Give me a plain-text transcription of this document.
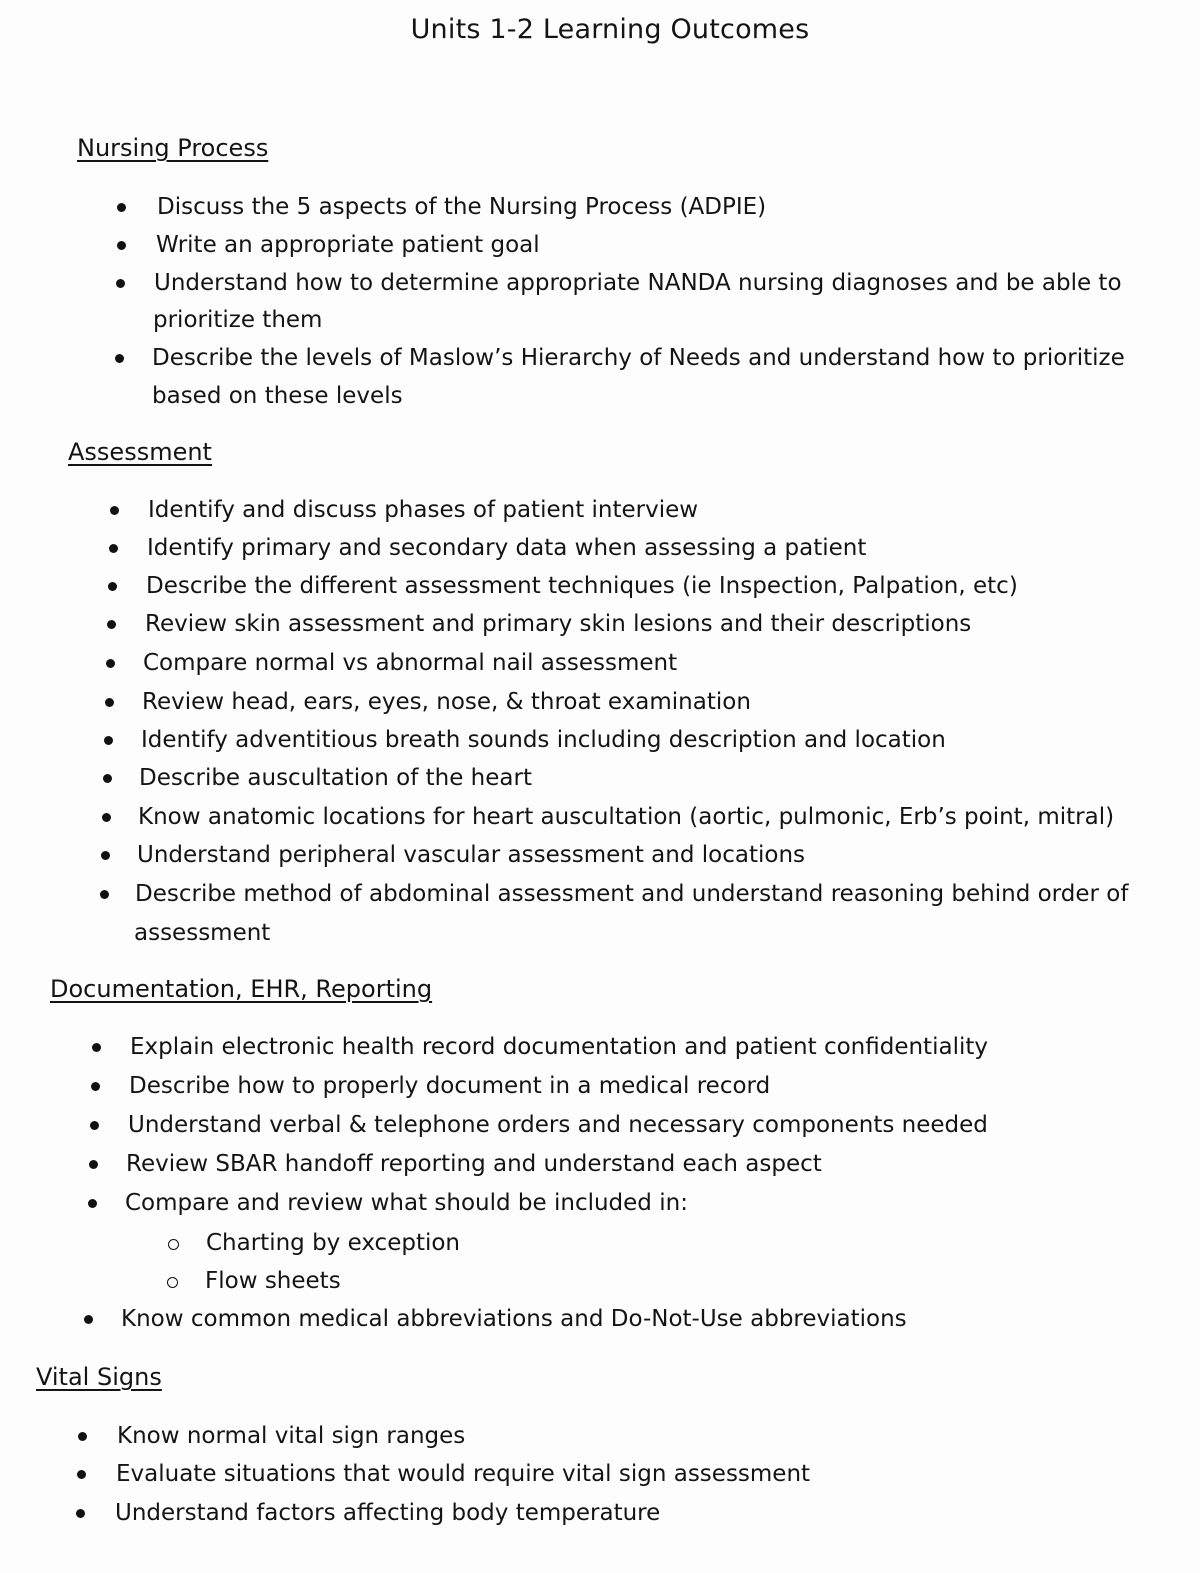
Units 1-2 Learning Outcomes
Nursing Process
Discuss the 5 aspects of the Nursing Process (ADPIE)
Write an appropriate patient goal
Understand how to determine appropriate NANDA nursing diagnoses and be able to
prioritize them
Describe the levels of Maslow’s Hierarchy of Needs and understand how to prioritize
based on these levels
Assessment
Identify and discuss phases of patient interview
Identify primary and secondary data when assessing a patient
Describe the different assessment techniques (ie Inspection, Palpation, etc)
Review skin assessment and primary skin lesions and their descriptions
Compare normal vs abnormal nail assessment
Review head, ears, eyes, nose, & throat examination
Identify adventitious breath sounds including description and location
Describe auscultation of the heart
Know anatomic locations for heart auscultation (aortic, pulmonic, Erb’s point, mitral)
Understand peripheral vascular assessment and locations
Describe method of abdominal assessment and understand reasoning behind order of
assessment
Documentation, EHR, Reporting
Explain electronic health record documentation and patient confidentiality
Describe how to properly document in a medical record
Understand verbal & telephone orders and necessary components needed
Review SBAR handoff reporting and understand each aspect
Compare and review what should be included in:
Charting by exception
Flow sheets
Know common medical abbreviations and Do-Not-Use abbreviations
Vital Signs
Know normal vital sign ranges
Evaluate situations that would require vital sign assessment
Understand factors affecting body temperature
